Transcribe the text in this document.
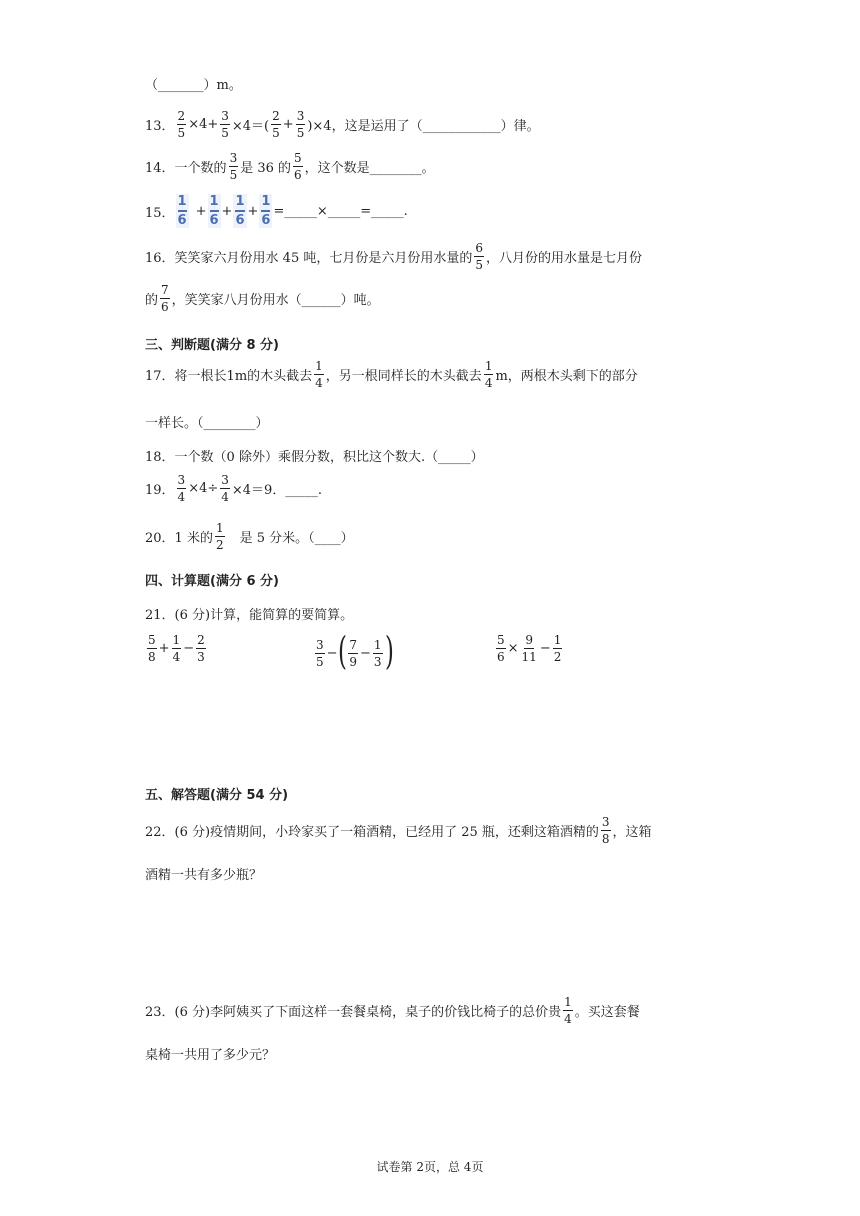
（_______）m。
13． $\frac{2}{5} \times 4+ \frac{3}{5} \times 4=( \frac{2}{5} + \frac{3}{5} )\times 4$，这是运用了（____________）律。
14． 一个数的 $\frac{3}{5}$ 是 36 的 $\frac{5}{6}$ ，这个数是________。
15．
1
6
+ $\frac{1}{6} + \frac{1}{6} + \frac{1}{6}$ =_____×_____=_____.
16． 笑笑家六月份用水 45 吨，七月份是六月份用水量的 $\frac{6}{5}$ ，八月份的用水量是七月份
的 $\frac{7}{6}$ ，笑笑家八月份用水（______）吨。
三、判断题(满分 8 分)
17． 将一根长1m的木头截去 $\frac{1}{4}$ ，另一根同样长的木头截去 $\frac{1}{4}$ m，两根木头剩下的部分
一样长。（________）
18．一个数（0 除外）乘假分数，积比这个数大.（_____）
19． $\frac{3}{4} \times 4\div \frac{3}{4} \times 4=9$．_____.
20． 1 米的 $\frac{1}{2}$ 　是 5 分米。（____）
四、计算题(满分 6 分)
21．(6 分)计算，能简算的要简算。
$\frac{5}{8} + \frac{1}{4} - \frac{2}{3}$	$\frac{3}{5}$ − ( $\frac{7}{9} - \frac{1}{3}$ )	$\frac{5}{6} \times \frac{9}{11} - \frac{1}{2}$
五、解答题(满分 54 分)
22．(6 分)疫情期间，小玲家买了一箱酒精，已经用了 25 瓶，还剩这箱酒精的 $\frac{3}{8}$ ，这箱
酒精一共有多少瓶？
23．(6 分)李阿姨买了下面这样一套餐桌椅，桌子的价钱比椅子的总价贵 $\frac{1}{4}$ 。买这套餐
桌椅一共用了多少元？
试卷第 2页，总 4页
